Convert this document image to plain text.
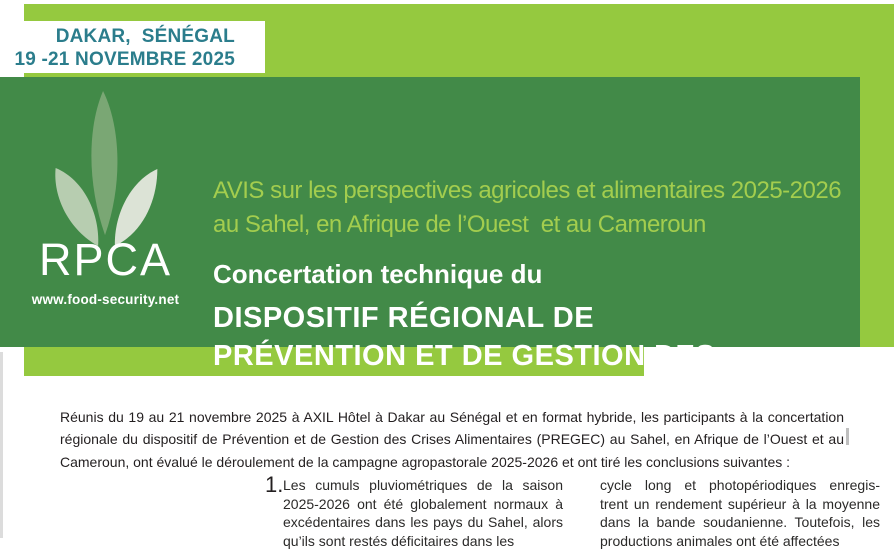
RPCA
www.food-security.net
AVIS sur les perspectives agricoles et alimentaires 2025-2026
au Sahel, en Afrique de l’Ouest  et au Cameroun
Concertation technique du
DISPOSITIF RÉGIONAL DE
PRÉVENTION ET DE GESTION DES
CRISES ALIMENTAIRES (PREGEC)
DAKAR,  SÉNÉGAL
19 -21 NOVEMBRE 2025
Réunis du 19 au 21 novembre 2025 à AXIL Hôtel à Dakar au Sénégal et en format hybride, les participants à la concertation
régionale du dispositif de Prévention et de Gestion des Crises Alimentaires (PREGEC) au Sahel, en Afrique de l’Ouest et au
Cameroun, ont évalué le déroulement de la campagne agropastorale 2025-2026 et ont tiré les conclusions suivantes :
1. Les cumuls pluviométriques de la saison
2025-2026 ont été globalement normaux à
excédentaires dans les pays du Sahel, alors
qu’ils sont restés déficitaires dans les
cycle long et photopériodiques enregis-
trent un rendement supérieur à la moyenne
dans la bande soudanienne. Toutefois, les
productions animales ont été affectées
